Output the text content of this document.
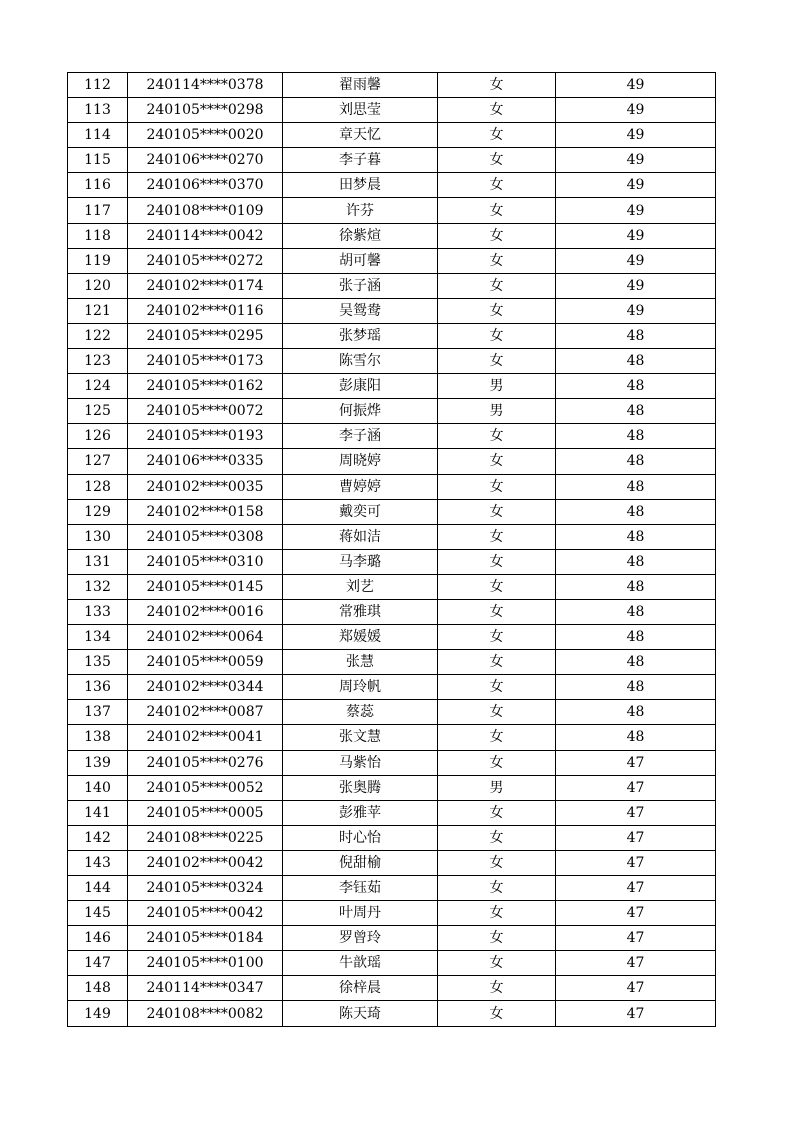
112	240114****0378	翟雨馨	女	49
113	240105****0298	刘思莹	女	49
114	240105****0020	章天忆	女	49
115	240106****0270	李子暮	女	49
116	240106****0370	田梦晨	女	49
117	240108****0109	许芬	女	49
118	240114****0042	徐紫煊	女	49
119	240105****0272	胡可馨	女	49
120	240102****0174	张子涵	女	49
121	240102****0116	吴鸳鸯	女	49
122	240105****0295	张梦瑶	女	48
123	240105****0173	陈雪尔	女	48
124	240105****0162	彭康阳	男	48
125	240105****0072	何振烨	男	48
126	240105****0193	李子涵	女	48
127	240106****0335	周晓婷	女	48
128	240102****0035	曹婷婷	女	48
129	240102****0158	戴奕可	女	48
130	240105****0308	蒋如洁	女	48
131	240105****0310	马李璐	女	48
132	240105****0145	刘艺	女	48
133	240102****0016	常雅琪	女	48
134	240102****0064	郑媛媛	女	48
135	240105****0059	张慧	女	48
136	240102****0344	周玲帆	女	48
137	240102****0087	蔡蕊	女	48
138	240102****0041	张文慧	女	48
139	240105****0276	马紫怡	女	47
140	240105****0052	张奥腾	男	47
141	240105****0005	彭雅苹	女	47
142	240108****0225	时心怡	女	47
143	240102****0042	倪甜榆	女	47
144	240105****0324	李钰茹	女	47
145	240105****0042	叶周丹	女	47
146	240105****0184	罗曾玲	女	47
147	240105****0100	牛歆瑶	女	47
148	240114****0347	徐梓晨	女	47
149	240108****0082	陈天琦	女	47
